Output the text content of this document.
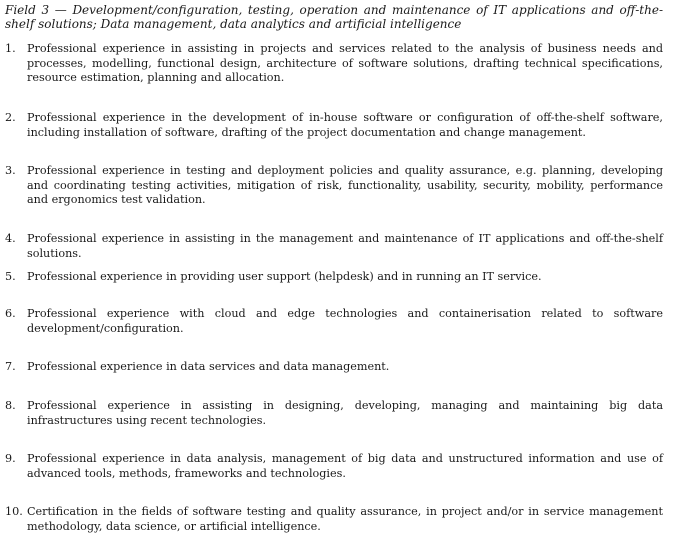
Field 3 — Development/configuration, testing, operation and maintenance of IT applications and off-the-shelf solutions; Data management, data analytics and artificial intelligence
1.	Professional experience in assisting in projects and services related to the analysis of business needs and processes, modelling, functional design, architecture of software solutions, drafting technical specifications, resource estimation, planning and allocation.
2.	Professional experience in the development of in-house software or configuration of off-the-shelf software, including installation of software, drafting of the project documentation and change management.
3.	Professional experience in testing and deployment policies and quality assurance, e.g. planning, developing and coordinating testing activities, mitigation of risk, functionality, usability, security, mobility, performance and ergonomics test validation.
4.	Professional experience in assisting in the management and maintenance of IT applications and off-the-shelf solutions.
5.	Professional experience in providing user support (helpdesk) and in running an IT service.
6.	Professional experience with cloud and edge technologies and containerisation related to software development/configuration.
7.	Professional experience in data services and data management.
8.	Professional experience in assisting in designing, developing, managing and maintaining big data infrastructures using recent technologies.
9.	Professional experience in data analysis, management of big data and unstructured information and use of advanced tools, methods, frameworks and technologies.
10. Certification in the fields of software testing and quality assurance, in project and/or in service management methodology, data science, or artificial intelligence.
